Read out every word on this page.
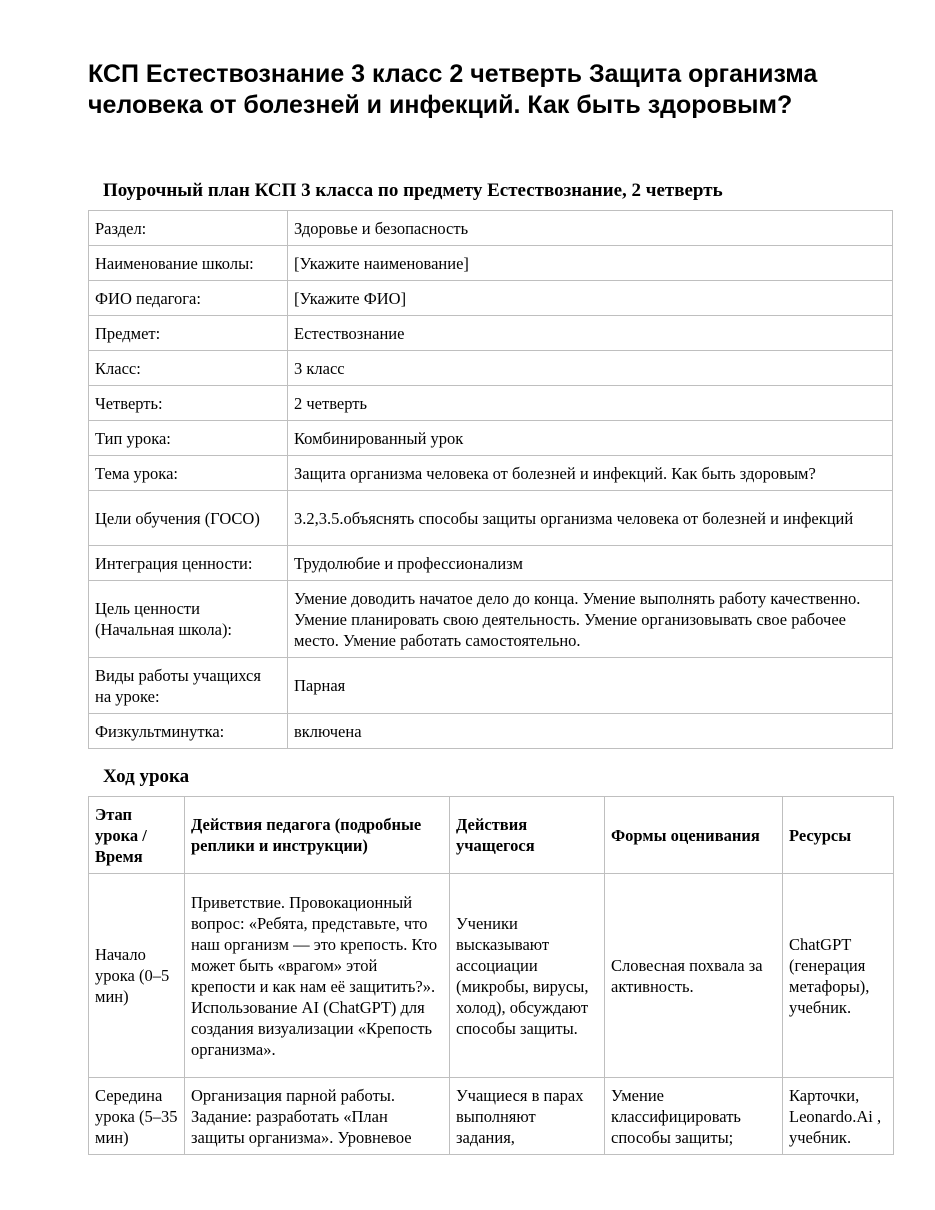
КСП Естествознание 3 класс 2 четверть Защита организма человека от болезней и инфекций. Как быть здоровым?
Поурочный план КСП 3 класса по предмету Естествознание, 2 четверть
Раздел:	Здоровье и безопасность
Наименование школы:	[Укажите наименование]
ФИО педагога:	[Укажите ФИО]
Предмет:	Естествознание
Класс:	3 класс
Четверть:	2 четверть
Тип урока:	Комбинированный урок
Тема урока:	Защита организма человека от болезней и инфекций. Как быть здоровым?
Цели обучения (ГОСО)	3.2,3.5.объяснять способы защиты организма человека от болезней и инфекций
Интеграция ценности:	Трудолюбие и профессионализм
Цель ценности (Начальная школа):	Умение доводить начатое дело до конца. Умение выполнять работу качественно. Умение планировать свою деятельность. Умение организовывать свое рабочее место. Умение работать самостоятельно.
Виды работы учащихся на уроке:	Парная
Физкультминутка:	включена
Ход урока
Этап урока / Время	Действия педагога (подробные реплики и инструкции)	Действия учащегося	Формы оценивания	Ресурсы
Начало урока (0–5 мин)	Приветствие. Провокационный вопрос: «Ребята, представьте, что наш организм — это крепость. Кто может быть «врагом» этой крепости и как нам её защитить?». Использование AI (ChatGPT) для создания визуализации «Крепость организма».	Ученики высказывают ассоциации (микробы, вирусы, холод), обсуждают способы защиты.	Словесная похвала за активность.	ChatGPT (генерация метафоры), учебник.
Середина урока (5–35 мин)	Организация парной работы. Задание: разработать «План защиты организма». Уровневое	Учащиеся в парах выполняют задания,	Умение классифицировать способы защиты;	Карточки, Leonardo.Ai , учебник.
